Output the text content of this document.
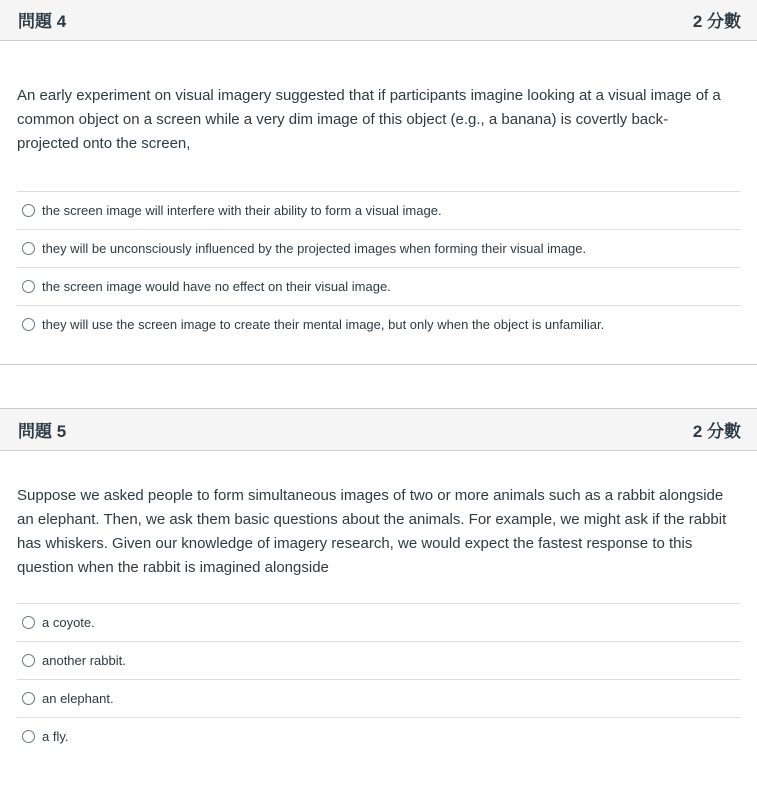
問題 4	2 分數

An early experiment on visual imagery suggested that if participants imagine looking at a visual image of a common object on a screen while a very dim image of this object (e.g., a banana) is covertly back-projected onto the screen,

the screen image will interfere with their ability to form a visual image.
they will be unconsciously influenced by the projected images when forming their visual image.
the screen image would have no effect on their visual image.
they will use the screen image to create their mental image, but only when the object is unfamiliar.
問題 5	2 分數

Suppose we asked people to form simultaneous images of two or more animals such as a rabbit alongside an elephant. Then, we ask them basic questions about the animals. For example, we might ask if the rabbit has whiskers. Given our knowledge of imagery research, we would expect the fastest response to this question when the rabbit is imagined alongside

a coyote.
another rabbit.
an elephant.
a fly.
